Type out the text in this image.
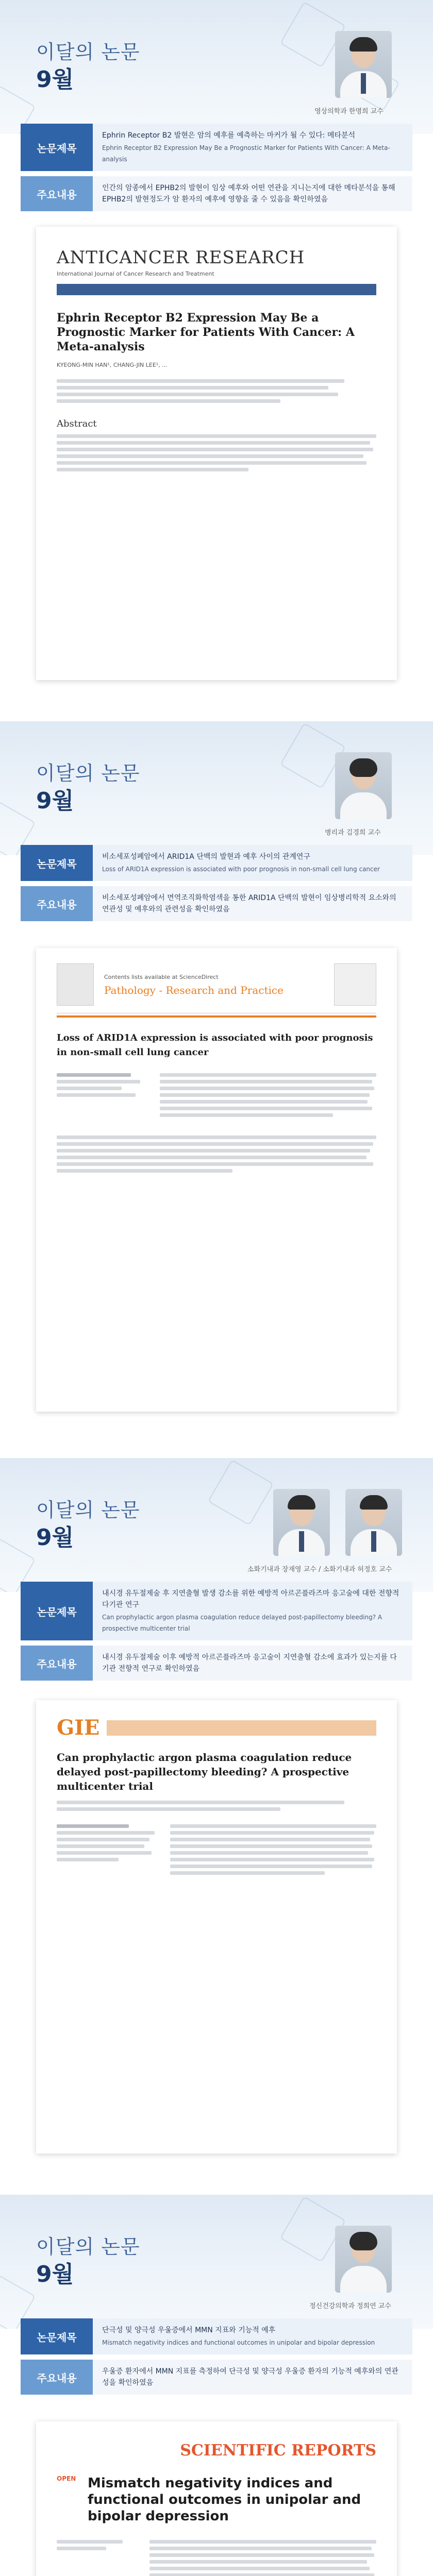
이달의 논문
9월
영상의학과 한명희 교수
논문제목
Ephrin Receptor B2 발현은 암의 예후를 예측하는 마커가 될 수 있다: 메타분석
Ephrin Receptor B2 Expression May Be a Prognostic Marker for Patients With Cancer: A Meta-analysis
주요내용
인간의 암종에서 EPHB2의 발현이 임상 예후와 어떤 연관을 지니는지에 대한 메타분석을 통해 EPHB2의 발현정도가 암 환자의 예후에 영향을 줄 수 있음을 확인하였음
ANTICANCER RESEARCH
International Journal of Cancer Research and Treatment
Ephrin Receptor B2 Expression May Be a Prognostic Marker for Patients With Cancer: A Meta-analysis
KYEONG-MIN HAN¹, CHANG-JIN LEE¹, ...
Abstract
이달의 논문
9월
병리과 김경희 교수
논문제목
비소세포성폐암에서 ARID1A 단백의 발현과 예후 사이의 관계연구
Loss of ARID1A expression is associated with poor prognosis in non-small cell lung cancer
주요내용
비소세포성폐암에서 면역조직화학염색을 통한 ARID1A 단백의 발현이 임상병리학적 요소와의 연관성 및 예후와의 관련성을 확인하였음
Contents lists available at ScienceDirect
Pathology - Research and Practice
Loss of ARID1A expression is associated with poor prognosis in non-small cell lung cancer
이달의 논문
9월
소화기내과 장재영 교수 / 소화기내과 허정호 교수
논문제목
내시경 유두절제술 후 지연출혈 발생 감소를 위한 예방적 아르곤플라즈마 응고술에 대한 전향적 다기관 연구
Can prophylactic argon plasma coagulation reduce delayed post-papillectomy bleeding? A prospective multicenter trial
주요내용
내시경 유두절제술 이후 예방적 아르곤플라즈마 응고술이 지연출혈 감소에 효과가 있는지를 다기관 전향적 연구로 확인하였음
GIE
Can prophylactic argon plasma coagulation reduce delayed post-papillectomy bleeding? A prospective multicenter trial
이달의 논문
9월
정신건강의학과 정희연 교수
논문제목
단극성 및 양극성 우울증에서 MMN 지표와 기능적 예후
Mismatch negativity indices and functional outcomes in unipolar and bipolar depression
주요내용
우울증 환자에서 MMN 지표를 측정하여 단극성 및 양극성 우울증 환자의 기능적 예후와의 연관성을 확인하였음
SCIENTIFIC REPORTS
OPEN Mismatch negativity indices and functional outcomes in unipolar and bipolar depression
